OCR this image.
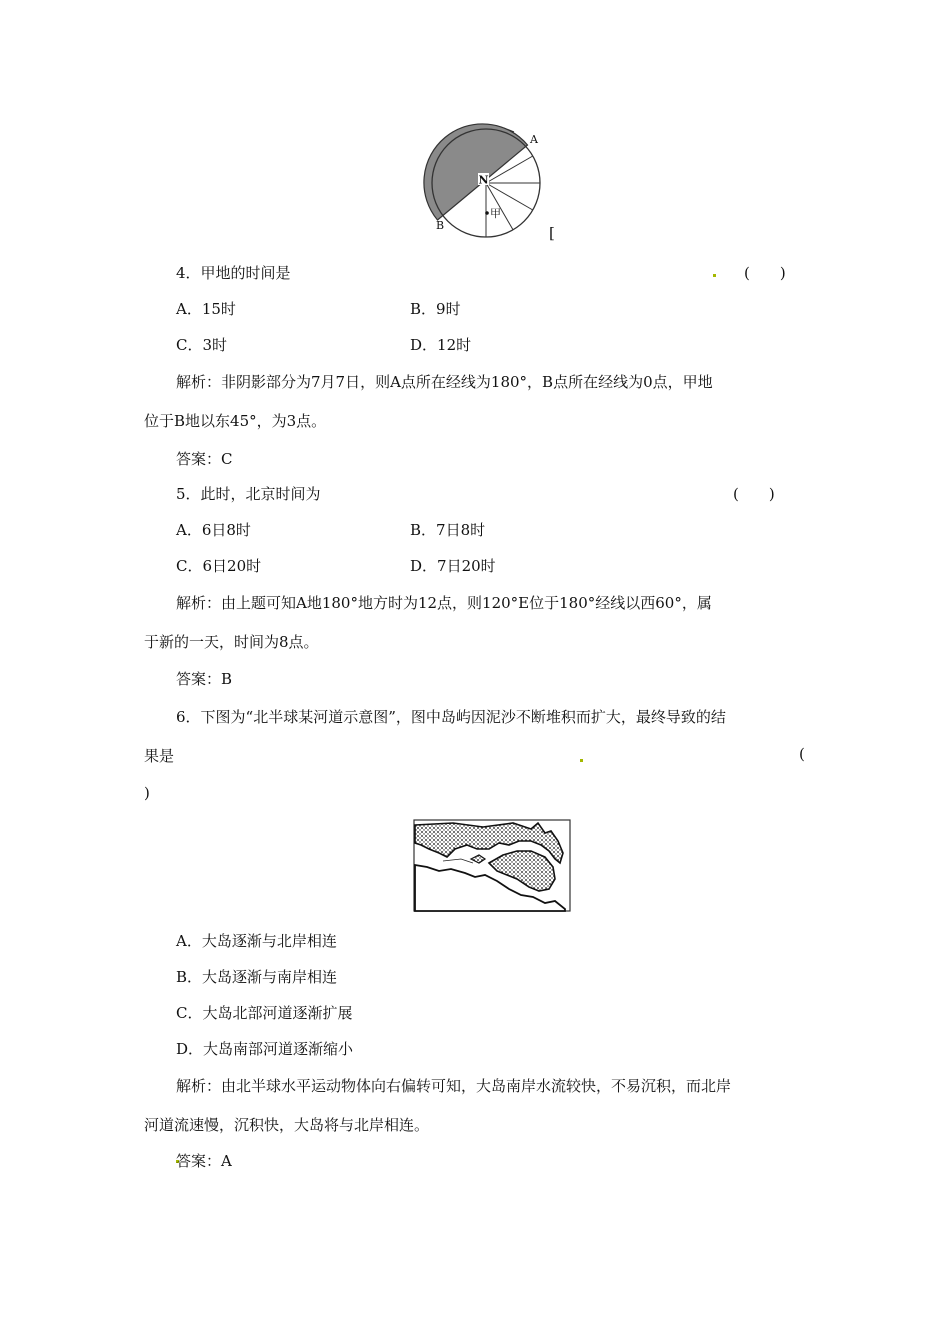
N
A
B
甲
[
4．甲地的时间是	(　　)
A．15时	B．9时
C．3时	D．12时
解析：非阴影部分为7月7日，则A点所在经线为180°，B点所在经线为0点，甲地
位于B地以东45°，为3点。
答案：C
5．此时，北京时间为	(　　)
A．6日8时	B．7日8时
C．6日20时	D．7日20时
解析：由上题可知A地180°地方时为12点，则120°E位于180°经线以西60°，属
于新的一天，时间为8点。
答案：B
6．下图为“北半球某河道示意图”，图中岛屿因泥沙不断堆积而扩大，最终导致的结
果是	(
)
A．大岛逐渐与北岸相连
B．大岛逐渐与南岸相连
C．大岛北部河道逐渐扩展
D．大岛南部河道逐渐缩小
解析：由北半球水平运动物体向右偏转可知，大岛南岸水流较快，不易沉积，而北岸
河道流速慢，沉积快，大岛将与北岸相连。
答案：A
